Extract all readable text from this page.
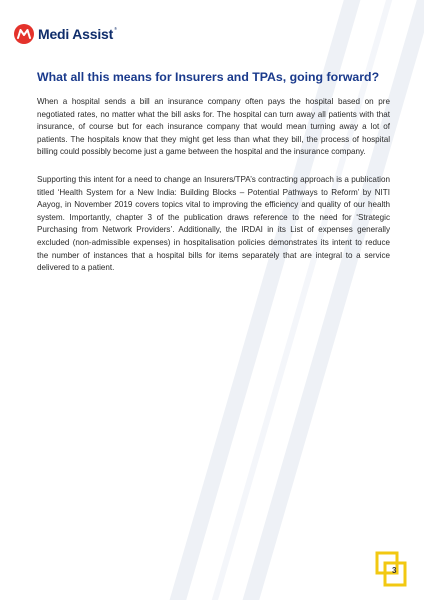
Medi Assist ®
What all this means for Insurers and TPAs, going forward?

When a hospital sends a bill an insurance company often pays the hospital based on pre negotiated rates, no matter what the bill asks for. The hospital can turn away all patients with that insurance, of course but for each insurance company that would mean turning away a lot of patients. The hospitals know that they might get less than what they bill, the process of hospital billing could possibly become just a game between the hospital and the insurance company.

Supporting this intent for a need to change an Insurers/TPA’s contracting approach is a publication titled ‘Health System for a New India: Building Blocks – Potential Pathways to Reform’ by NITI Aayog, in November 2019 covers topics vital to improving the efficiency and quality of our health system. Importantly, chapter 3 of the publication draws reference to the need for ‘Strategic Purchasing from Network Providers’. Additionally, the IRDAI in its List of expenses generally excluded (non-admissible expenses) in hospitalisation policies demonstrates its intent to reduce the number of instances that a hospital bills for items separately that are integral to a service delivered to a patient.

3
